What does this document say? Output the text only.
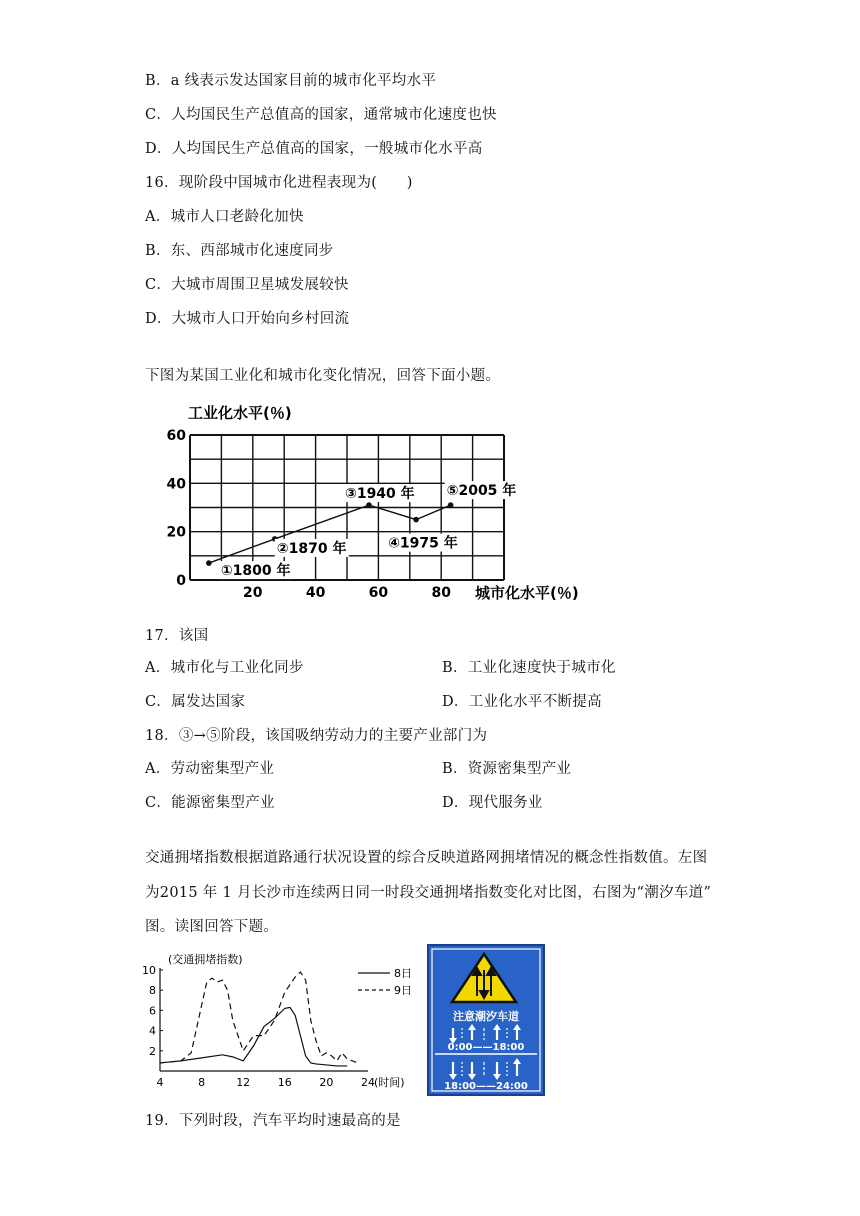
B．a 线表示发达国家目前的城市化平均水平
C．人均国民生产总值高的国家，通常城市化速度也快
D．人均国民生产总值高的国家，一般城市化水平高
16．现阶段中国城市化进程表现为(　　)
A．城市人口老龄化加快
B．东、西部城市化速度同步
C．大城市周围卫星城发展较快
D．大城市人口开始向乡村回流
下图为某国工业化和城市化变化情况，回答下面小题。
工业化水平(％)
60
40
20
0
20	40	60	80
①1800 年
②1870 年
③1940 年
④1975 年
⑤2005 年
城市化水平(％)
17．该国
A．城市化与工业化同步	B．工业化速度快于城市化
C．属发达国家	D．工业化水平不断提高
18．③→⑤阶段，该国吸纳劳动力的主要产业部门为
A．劳动密集型产业	B．资源密集型产业
C．能源密集型产业	D．现代服务业
交通拥堵指数根据道路通行状况设置的综合反映道路网拥堵情况的概念性指数值。左图
为2015 年 1 月长沙市连续两日同一时段交通拥堵指数变化对比图，右图为“潮汐车道”
图。读图回答下题。
(交通拥堵指数)
10
8
6
4
2
4	8	12	16	20	24
8日
9日
(时间)
注意潮汐车道
0:00——18:00
18:00——24:00
19．下列时段，汽车平均时速最高的是
